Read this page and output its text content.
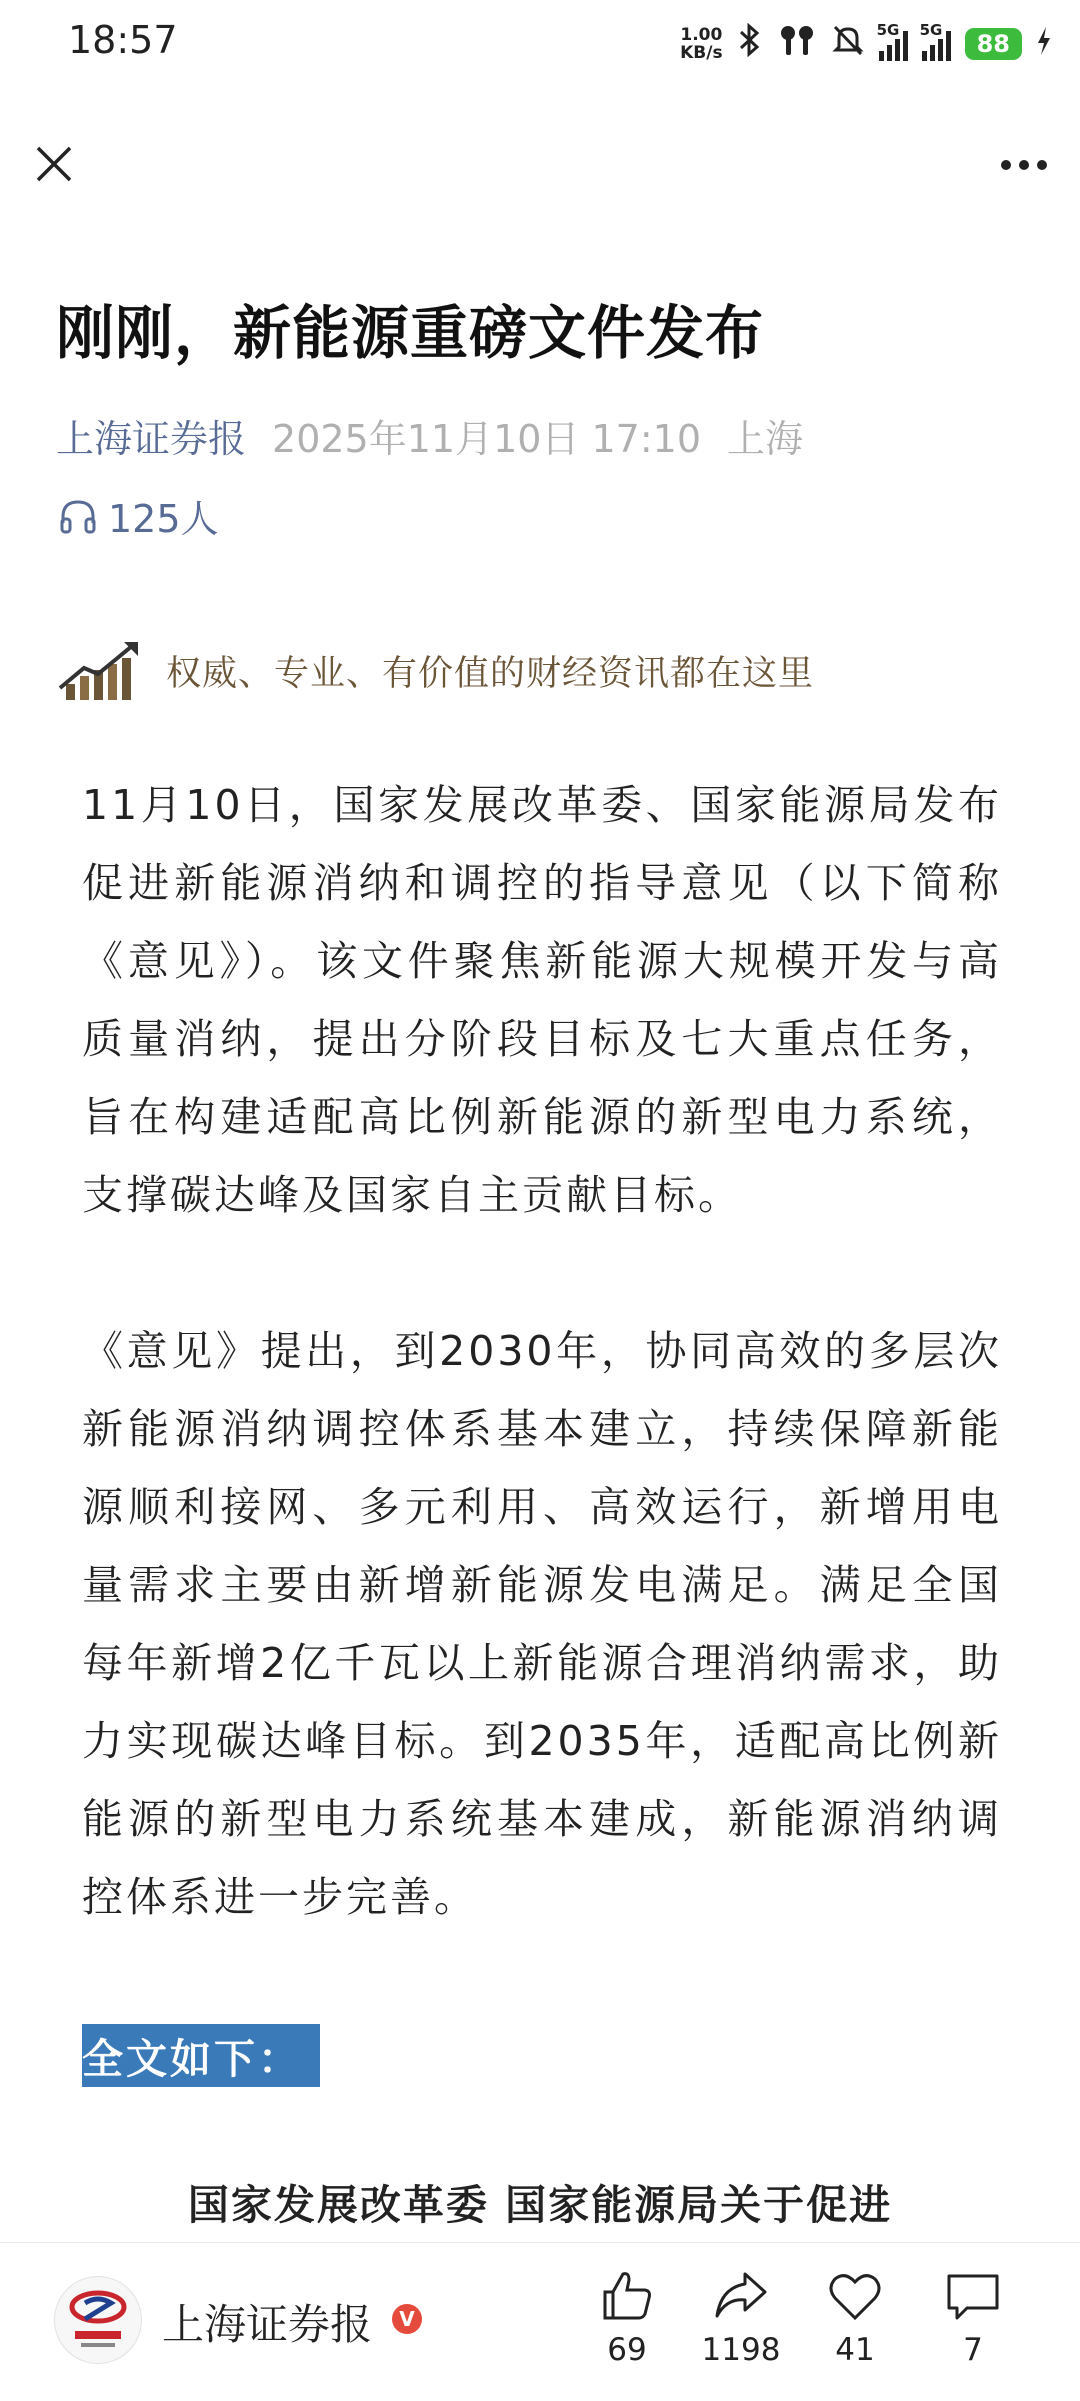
18:57	1.00
KB/s
5G 5G	88
刚刚，新能源重磅文件发布
上海证券报 2025年11月10日 17:10 上海
125人
权威、专业、有价值的财经资讯都在这里
11月10日，国家发展改革委、国家能源局发布促进新能源消纳和调控的指导意见（以下简称《意见》）。该文件聚焦新能源大规模开发与高质量消纳，提出分阶段目标及七大重点任务，旨在构建适配高比例新能源的新型电力系统，支撑碳达峰及国家自主贡献目标。
《意见》提出，到2030年，协同高效的多层次新能源消纳调控体系基本建立，持续保障新能源顺利接网、多元利用、高效运行，新增用电量需求主要由新增新能源发电满足。满足全国每年新增2亿千瓦以上新能源合理消纳需求，助力实现碳达峰目标。到2035年，适配高比例新能源的新型电力系统基本建成，新能源消纳调控体系进一步完善。
全文如下：
国家发展改革委 国家能源局关于促进
上海证券报	V
69 1198 41	7
